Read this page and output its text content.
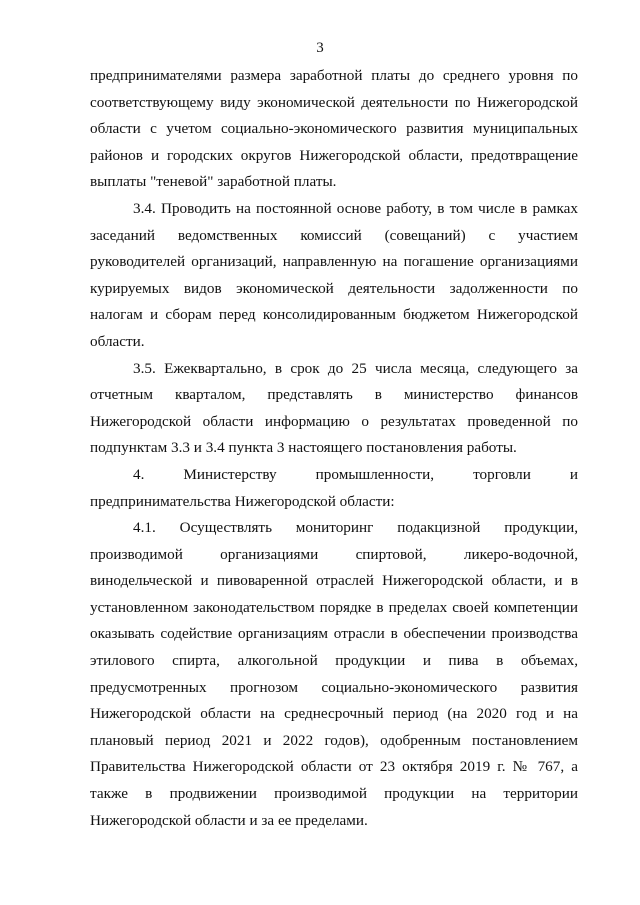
3

предпринимателями размера заработной платы до среднего уровня по соответствующему виду экономической деятельности по Нижегородской области с учетом социально-экономического развития муниципальных районов и городских округов Нижегородской области, предотвращение выплаты "теневой" заработной платы.

3.4. Проводить на постоянной основе работу, в том числе в рамках заседаний ведомственных комиссий (совещаний) с участием руководителей организаций, направленную на погашение организациями курируемых видов экономической деятельности задолженности по налогам и сборам перед консолидированным бюджетом Нижегородской области.

3.5. Ежеквартально, в срок до 25 числа месяца, следующего за отчетным кварталом, представлять в министерство финансов Нижегородской области информацию о результатах проведенной по подпунктам 3.3 и 3.4 пункта 3 настоящего постановления работы.

4. Министерству промышленности, торговли и предпринимательства Нижегородской области:

4.1. Осуществлять мониторинг подакцизной продукции, производимой организациями спиртовой, ликеро-водочной, винодельческой и пивоваренной отраслей Нижегородской области, и в установленном законодательством порядке в пределах своей компетенции оказывать содействие организациям отрасли в обеспечении производства этилового спирта, алкогольной продукции и пива в объемах, предусмотренных прогнозом социально-экономического развития Нижегородской области на среднесрочный период (на 2020 год и на плановый период 2021 и 2022 годов), одобренным постановлением Правительства Нижегородской области от 23 октября 2019 г. № 767, а также в продвижении производимой продукции на территории Нижегородской области и за ее пределами.
